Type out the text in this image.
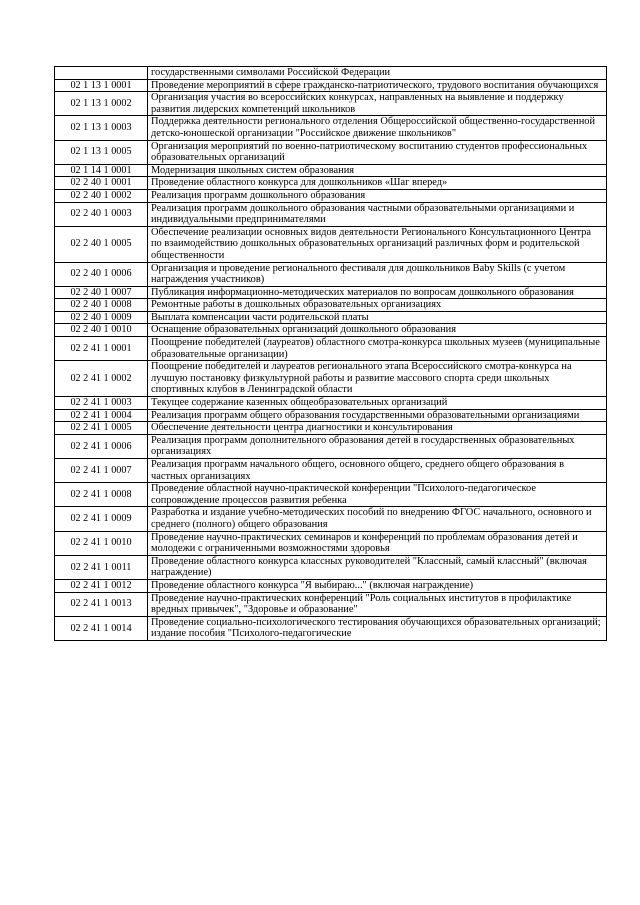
	государственными символами Российской Федерации
02 1 13 1 0001	Проведение мероприятий в сфере гражданско-патриотического, трудового воспитания обучающихся
02 1 13 1 0002	Организация участия во всероссийских конкурсах, направленных на выявление и поддержку развития лидерских компетенций школьников
02 1 13 1 0003	Поддержка деятельности регионального отделения Общероссийской общественно-государственной детско-юношеской организации "Российское движение школьников"
02 1 13 1 0005	Организация мероприятий по военно-патриотическому воспитанию студентов профессиональных образовательных организаций
02 1 14 1 0001	Модернизация школьных систем образования
02 2 40 1 0001	Проведение областного конкурса для дошкольников «Шаг вперед»
02 2 40 1 0002	Реализация программ дошкольного образования
02 2 40 1 0003	Реализация программ дошкольного образования частными образовательными организациями и индивидуальными предпринимателями
02 2 40 1 0005	Обеспечение реализации основных видов деятельности Регионального Консультационного Центра по взаимодействию дошкольных образовательных организаций различных форм и родительской общественности
02 2 40 1 0006	Организация и проведение регионального фестиваля для дошкольников Baby Skills (с учетом награждения участников)
02 2 40 1 0007	Публикация информационно-методических материалов по вопросам дошкольного образования
02 2 40 1 0008	Ремонтные работы в дошкольных образовательных организациях
02 2 40 1 0009	Выплата компенсации части родительской платы
02 2 40 1 0010	Оснащение образовательных организаций дошкольного образования
02 2 41 1 0001	Поощрение победителей (лауреатов) областного смотра-конкурса школьных музеев (муниципальные образовательные организации)
02 2 41 1 0002	Поощрение победителей и лауреатов регионального этапа Всероссийского смотра-конкурса на лучшую постановку физкультурной работы и развитие массового спорта среди школьных спортивных клубов в Ленинградской области
02 2 41 1 0003	Текущее содержание казенных общеобразовательных организаций
02 2 41 1 0004	Реализация программ общего образования государственными образовательными организациями
02 2 41 1 0005	Обеспечение деятельности центра диагностики и консультирования
02 2 41 1 0006	Реализация программ дополнительного образования детей в государственных образовательных организациях
02 2 41 1 0007	Реализация программ начального общего, основного общего, среднего общего образования в частных организациях
02 2 41 1 0008	Проведение областной научно-практической конференции "Психолого-педагогическое сопровождение процессов развития ребенка
02 2 41 1 0009	Разработка и издание учебно-методических пособий по внедрению ФГОС начального, основного и среднего (полного) общего образования
02 2 41 1 0010	Проведение научно-практических семинаров и конференций по проблемам образования детей и молодежи с ограниченными возможностями здоровья
02 2 41 1 0011	Проведение областного конкурса классных руководителей "Классный, самый классный" (включая награждение)
02 2 41 1 0012	Проведение областного конкурса "Я выбираю..." (включая награждение)
02 2 41 1 0013	Проведение научно-практических конференций "Роль социальных институтов в профилактике вредных привычек", "Здоровье и образование"
02 2 41 1 0014	Проведение социально-психологического тестирования обучающихся образовательных организаций; издание пособия "Психолого-педагогические
